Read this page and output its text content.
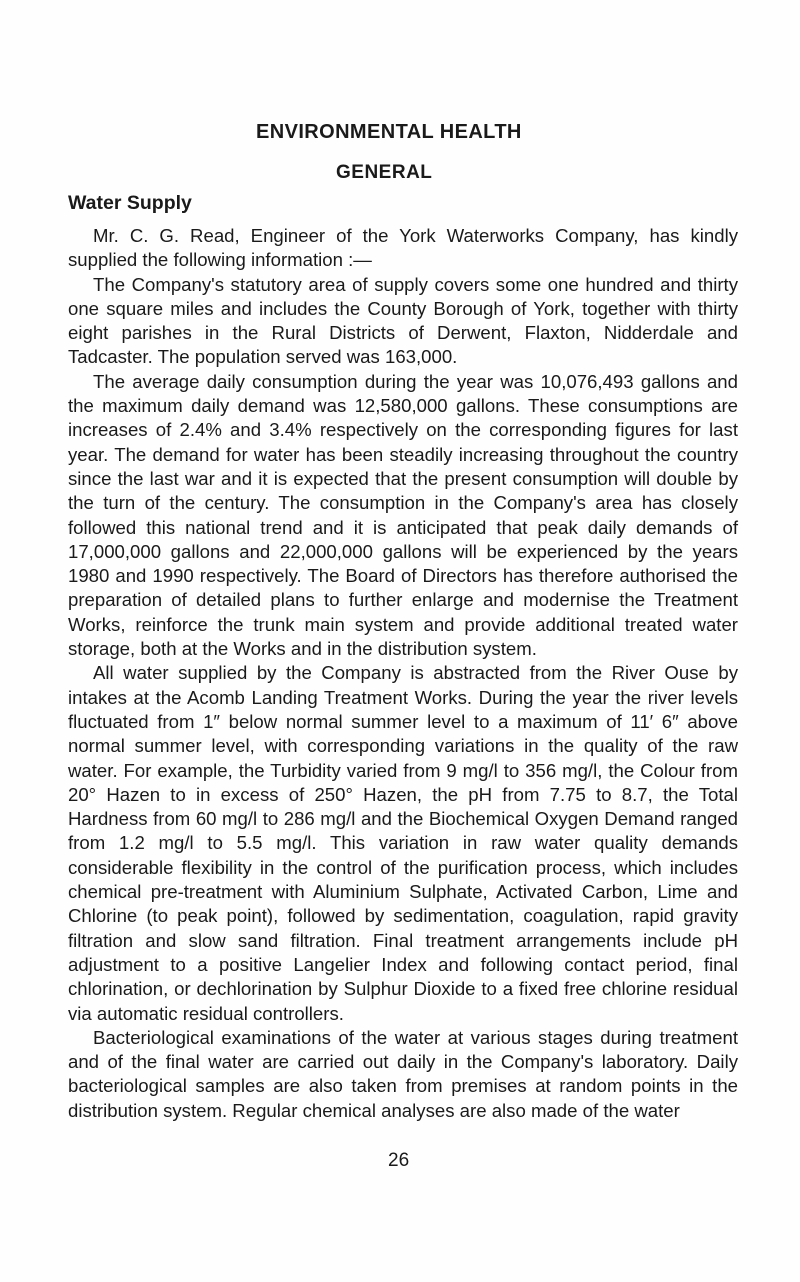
ENVIRONMENTAL HEALTH
GENERAL
Water Supply

Mr. C. G. Read, Engineer of the York Waterworks Company, has kindly supplied the following information :—

The Company's statutory area of supply covers some one hundred and thirty one square miles and includes the County Borough of York, together with thirty eight parishes in the Rural Districts of Derwent, Flaxton, Nidderdale and Tadcaster. The population served was 163,000.

The average daily consumption during the year was 10,076,493 gallons and the maximum daily demand was 12,580,000 gallons. These consumptions are increases of 2.4% and 3.4% respectively on the corresponding figures for last year. The demand for water has been steadily increasing throughout the country since the last war and it is expected that the present consumption will double by the turn of the century. The consumption in the Company's area has closely followed this national trend and it is anticipated that peak daily demands of 17,000,000 gallons and 22,000,000 gallons will be experienced by the years 1980 and 1990 respectively. The Board of Directors has therefore authorised the preparation of detailed plans to further enlarge and modernise the Treatment Works, reinforce the trunk main system and provide additional treated water storage, both at the Works and in the distribution system.

All water supplied by the Company is abstracted from the River Ouse by intakes at the Acomb Landing Treatment Works. During the year the river levels fluctuated from 1″ below normal summer level to a maximum of 11′ 6″ above normal summer level, with corresponding variations in the quality of the raw water. For example, the Turbidity varied from 9 mg/l to 356 mg/l, the Colour from 20° Hazen to in excess of 250° Hazen, the pH from 7.75 to 8.7, the Total Hardness from 60 mg/l to 286 mg/l and the Biochemical Oxygen Demand ranged from 1.2 mg/l to 5.5 mg/l. This variation in raw water quality demands considerable flexibility in the control of the purification process, which includes chemical pre-treatment with Aluminium Sulphate, Activated Carbon, Lime and Chlorine (to peak point), followed by sedimentation, coagulation, rapid gravity filtration and slow sand filtration. Final treatment arrangements include pH adjustment to a positive Langelier Index and following contact period, final chlorination, or dechlorination by Sulphur Dioxide to a fixed free chlorine residual via automatic residual controllers.

Bacteriological examinations of the water at various stages during treatment and of the final water are carried out daily in the Company's laboratory. Daily bacteriological samples are also taken from premises at random points in the distribution system. Regular chemical analyses are also made of the water

26
